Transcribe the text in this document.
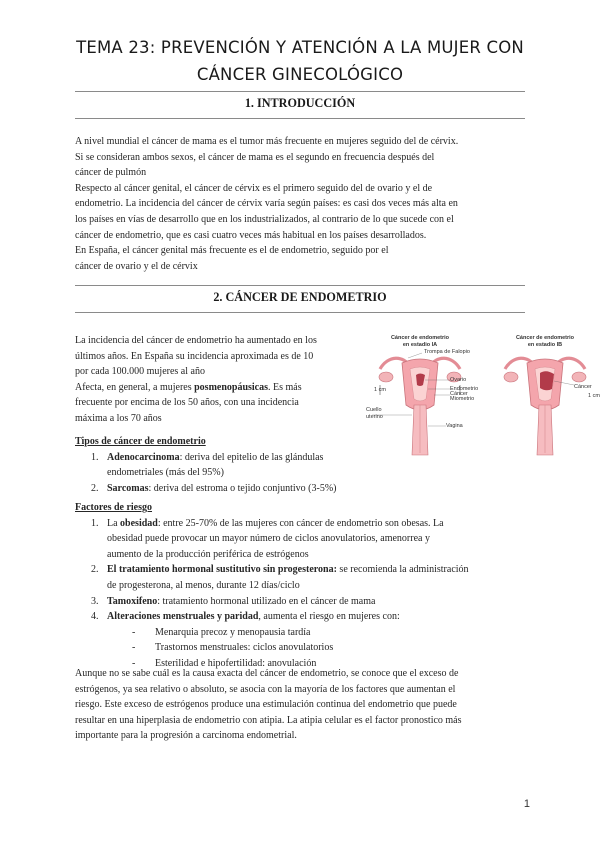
TEMA 23: PREVENCIÓN Y ATENCIÓN A LA MUJER CON
CÁNCER GINECOLÓGICO
1. INTRODUCCIÓN

A nivel mundial el cáncer de mama es el tumor más frecuente en mujeres seguido del de cérvix.

Si se consideran ambos sexos, el cáncer de mama es el segundo en frecuencia después del

cáncer de pulmón

Respecto al cáncer genital, el cáncer de cérvix es el primero seguido del de ovario y el de

endometrio. La incidencia del cáncer de cérvix varía según países: es casi dos veces más alta en

los países en vías de desarrollo que en los industrializados, al contrario de lo que sucede con el

cáncer de endometrio, que es casi cuatro veces más habitual en los países desarrollados.

En España, el cáncer genital más frecuente es el de endometrio, seguido por el

cáncer de ovario y el de cérvix

2. CÁNCER DE ENDOMETRIO

La incidencia del cáncer de endometrio ha aumentado en los

últimos años. En España su incidencia aproximada es de 10

por cada 100.000 mujeres al año

Afecta, en general, a mujeres posmenopáusicas. Es más

frecuente por encima de los 50 años, con una incidencia

máxima a los 70 años

Cáncer de endometrio
en estadio IA
Cáncer de endometrio
en estadio IB
Trompa de Falopio
Ovario
Endometrio
Cáncer
Miometrio
Cuello
uterino
Vagina
1 cm	Cáncer
1 cm

Tipos de cáncer de endometrio

1. Adenocarcinoma: deriva del epitelio de las glándulas
endometriales (más del 95%)
2. Sarcomas: deriva del estroma o tejido conjuntivo (3-5%)

Factores de riesgo

1. La obesidad: entre 25-70% de las mujeres con cáncer de endometrio son obesas. La
obesidad puede provocar un mayor número de ciclos anovulatorios, amenorrea y
aumento de la producción periférica de estrógenos
2. El tratamiento hormonal sustitutivo sin progesterona: se recomienda la administración
de progesterona, al menos, durante 12 días/ciclo
3. Tamoxifeno: tratamiento hormonal utilizado en el cáncer de mama
4. Alteraciones menstruales y paridad, aumenta el riesgo en mujeres con:
- Menarquia precoz y menopausia tardía
- Trastornos menstruales: ciclos anovulatorios
- Esterilidad e hipofertilidad: anovulación

Aunque no se sabe cuál es la causa exacta del cáncer de endometrio, se conoce que el exceso de

estrógenos, ya sea relativo o absoluto, se asocia con la mayoría de los factores que aumentan el

riesgo. Este exceso de estrógenos produce una estimulación continua del endometrio que puede

resultar en una hiperplasia de endometrio con atipia. La atipia celular es el factor pronostico más

importante para la progresión a carcinoma endometrial.

1
